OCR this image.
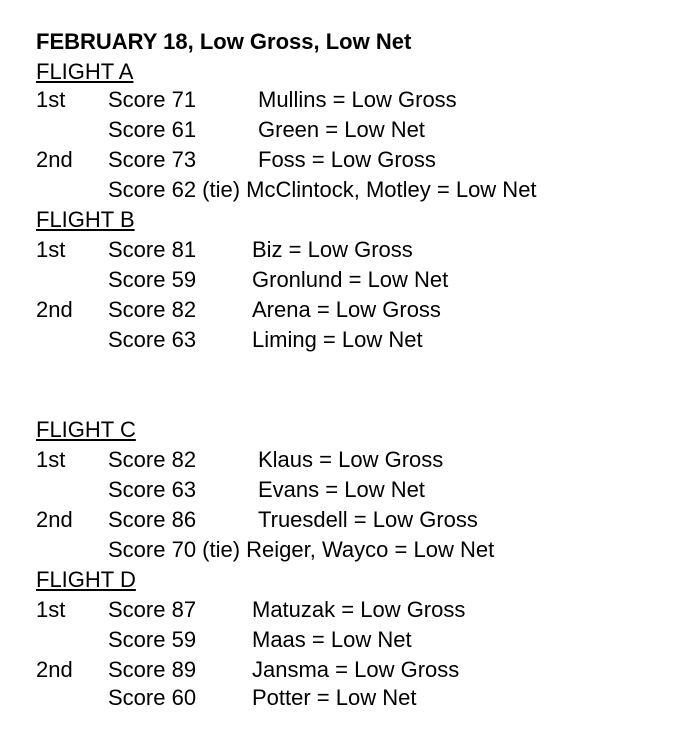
FEBRUARY 18, Low Gross, Low Net
FLIGHT A
1st Score 71	Mullins = Low Gross
Score 61	Green = Low Net
2nd Score 73	Foss = Low Gross
Score 62 (tie) McClintock, Motley = Low Net
FLIGHT B
1st Score 81	Biz = Low Gross
Score 59	Gronlund = Low Net
2nd Score 82	Arena = Low Gross
Score 63	Liming = Low Net
FLIGHT C
1st Score 82	Klaus = Low Gross
Score 63	Evans = Low Net
2nd Score 86	Truesdell = Low Gross
Score 70 (tie) Reiger, Wayco = Low Net
FLIGHT D
1st Score 87	Matuzak = Low Gross
Score 59	Maas = Low Net
2nd Score 89	Jansma = Low Gross
Score 60	Potter = Low Net
